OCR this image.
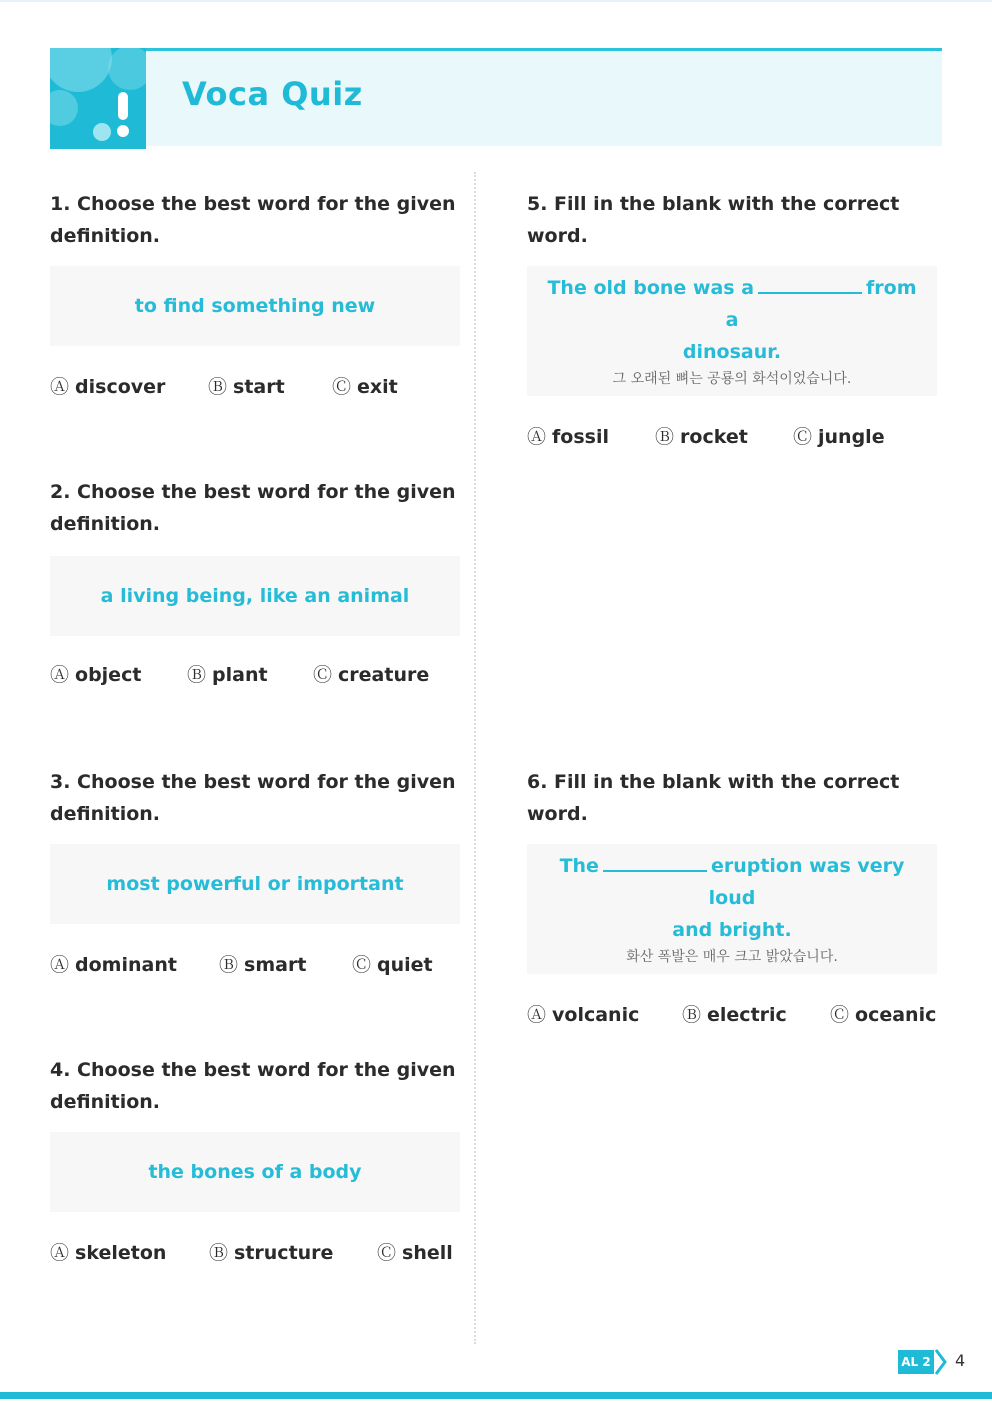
Voca Quiz
1. Choose the best word for the given
definition.
to find something new
Ⓐ discover Ⓑ start Ⓒ exit
2. Choose the best word for the given
definition.
a living being, like an animal
Ⓐ object Ⓑ plant Ⓒ creature
3. Choose the best word for the given
definition.
most powerful or important
Ⓐ dominant Ⓑ smart Ⓒ quiet
4. Choose the best word for the given
definition.
the bones of a body
Ⓐ skeleton Ⓑ structure Ⓒ shell
5. Fill in the blank with the correct word.
The old bone was a	from a
dinosaur.
그 오래된 뼈는 공룡의 화석이었습니다.
Ⓐ fossil Ⓑ rocket Ⓒ jungle
6. Fill in the blank with the correct word.
The	eruption was very loud
and bright.
화산 폭발은 매우 크고 밝았습니다.
Ⓐ volcanic Ⓑ electric Ⓒ oceanic
AL 2 4
